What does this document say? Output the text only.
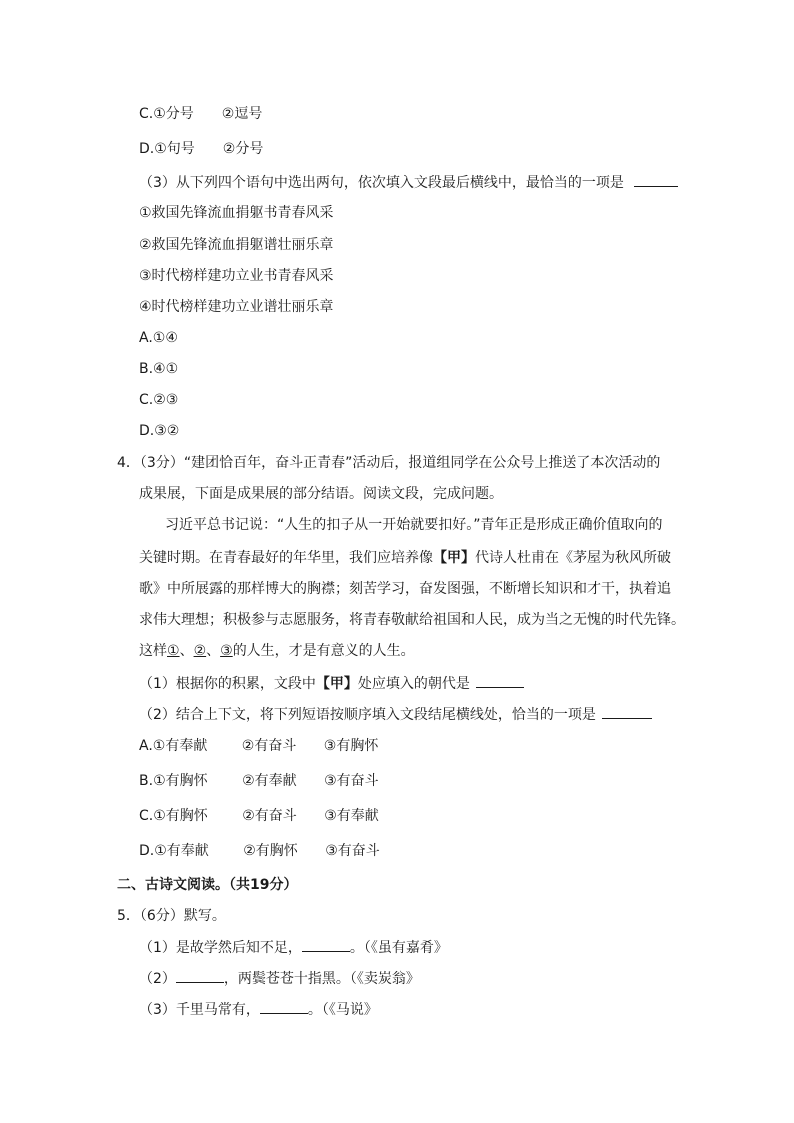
C.①分号　　②逗号
D.①句号　　②分号
（3）从下列四个语句中选出两句，依次填入文段最后横线中，最恰当的一项是
①救国先锋流血捐躯书青春风采
②救国先锋流血捐躯谱壮丽乐章
③时代榜样建功立业书青春风采
④时代榜样建功立业谱壮丽乐章
A.①④
B.④①
C.②③
D.③②
4．（3分）“建团恰百年，奋斗正青春”活动后，报道组同学在公众号上推送了本次活动的
成果展，下面是成果展的部分结语。阅读文段，完成问题。
习近平总书记说：“人生的扣子从一开始就要扣好。”青年正是形成正确价值取向的
关键时期。在青春最好的年华里，我们应培养像【甲】代诗人杜甫在《茅屋为秋风所破
歌》中所展露的那样博大的胸襟；刻苦学习，奋发图强，不断增长知识和才干，执着追
求伟大理想；积极参与志愿服务，将青春敬献给祖国和人民，成为当之无愧的时代先锋。
这样①、②、③的人生，才是有意义的人生。
（1）根据你的积累，文段中【甲】处应填入的朝代是
（2）结合上下文，将下列短语按顺序填入文段结尾横线处，恰当的一项是
A.①有奉献 ②有奋斗 ③有胸怀
B.①有胸怀 ②有奉献 ③有奋斗
C.①有胸怀 ②有奋斗 ③有奉献
D.①有奉献 ②有胸怀 ③有奋斗
二、古诗文阅读。（共19分）
5．（6分）默写。
（1）是故学然后知不足，	。（《虽有嘉肴》
（2）	，两鬓苍苍十指黑。（《卖炭翁》
（3）千里马常有，	。（《马说》
